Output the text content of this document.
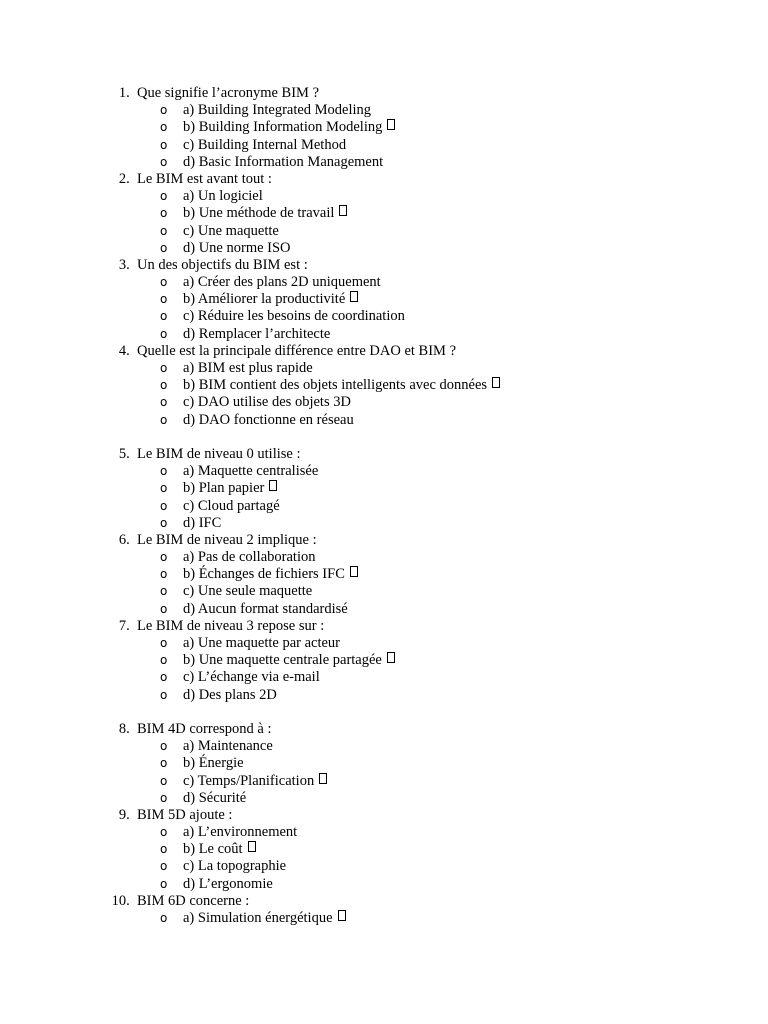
1. Que signifie l’acronyme BIM ?
o	a) Building Integrated Modeling
o	b) Building Information Modeling
o	c) Building Internal Method
o	d) Basic Information Management
2. Le BIM est avant tout :
o	a) Un logiciel
o	b) Une méthode de travail
o	c) Une maquette
o	d) Une norme ISO
3. Un des objectifs du BIM est :
o	a) Créer des plans 2D uniquement
o	b) Améliorer la productivité
o	c) Réduire les besoins de coordination
o	d) Remplacer l’architecte
4. Quelle est la principale différence entre DAO et BIM ?
o	a) BIM est plus rapide
o	b) BIM contient des objets intelligents avec données
o	c) DAO utilise des objets 3D
o	d) DAO fonctionne en réseau
5. Le BIM de niveau 0 utilise :
o	a) Maquette centralisée
o	b) Plan papier
o	c) Cloud partagé
o	d) IFC
6. Le BIM de niveau 2 implique :
o	a) Pas de collaboration
o	b) Échanges de fichiers IFC
o	c) Une seule maquette
o	d) Aucun format standardisé
7. Le BIM de niveau 3 repose sur :
o	a) Une maquette par acteur
o	b) Une maquette centrale partagée
o	c) L’échange via e-mail
o	d) Des plans 2D
8. BIM 4D correspond à :
o	a) Maintenance
o	b) Énergie
o	c) Temps/Planification
o	d) Sécurité
9. BIM 5D ajoute :
o	a) L’environnement
o	b) Le coût
o	c) La topographie
o	d) L’ergonomie
10. BIM 6D concerne :
o	a) Simulation énergétique
